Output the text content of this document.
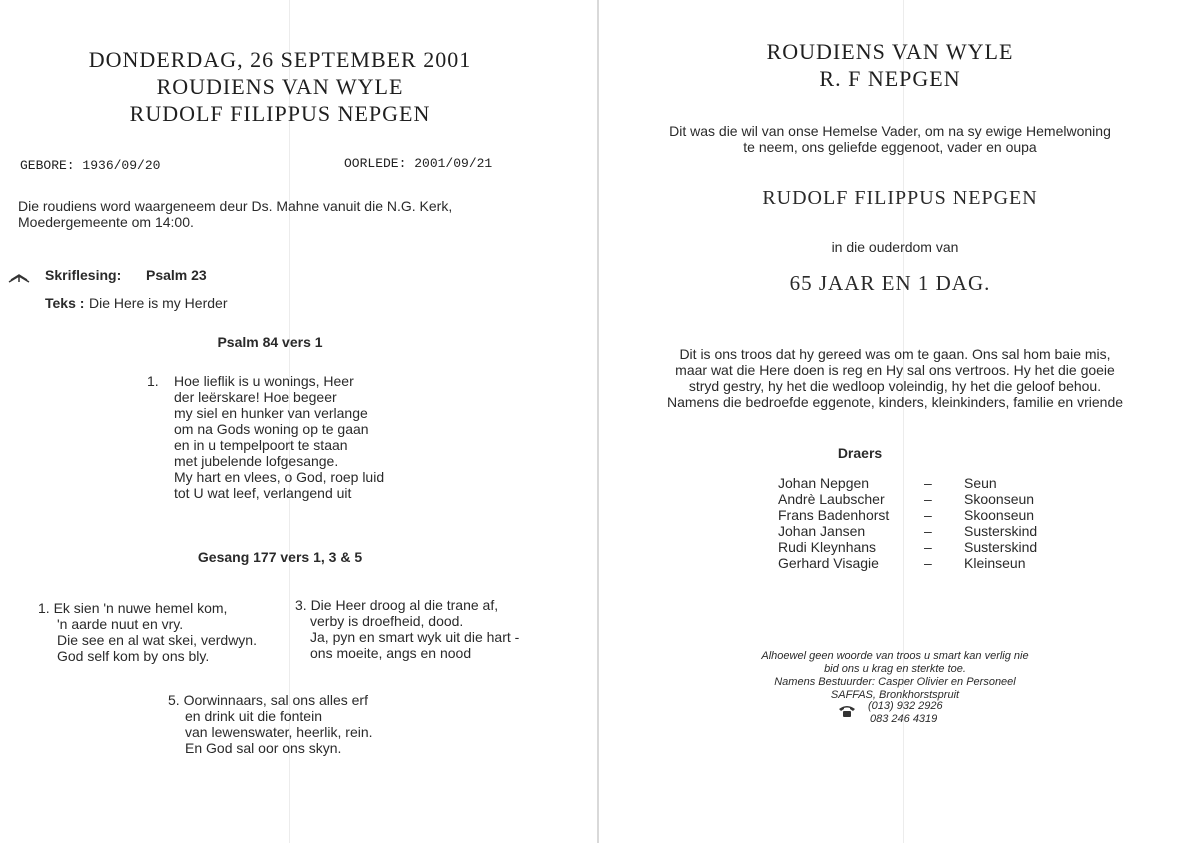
DONDERDAG, 26 SEPTEMBER 2001
ROUDIENS VAN WYLE
RUDOLF FILIPPUS NEPGEN
GEBORE: 1936/09/20	OORLEDE: 2001/09/21
Die roudiens word waargeneem deur Ds. Mahne vanuit die N.G. Kerk,
Moedergemeente om 14:00.
Skriflesing: Psalm 23
Teks : Die Here is my Herder
Psalm 84 vers 1
1. Hoe lieflik is u wonings, Heer
der leërskare! Hoe begeer
my siel en hunker van verlange
om na Gods woning op te gaan
en in u tempelpoort te staan
met jubelende lofgesange.
My hart en vlees, o God, roep luid
tot U wat leef, verlangend uit
Gesang 177 vers 1, 3 & 5
1. Ek sien 'n nuwe hemel kom,
'n aarde nuut en vry.
Die see en al wat skei, verdwyn.
God self kom by ons bly.
3. Die Heer droog al die trane af,
verby is droefheid, dood.
Ja, pyn en smart wyk uit die hart -
ons moeite, angs en nood
5. Oorwinnaars, sal ons alles erf
en drink uit die fontein
van lewenswater, heerlik, rein.
En God sal oor ons skyn.
ROUDIENS VAN WYLE
R. F NEPGEN
Dit was die wil van onse Hemelse Vader, om na sy ewige Hemelwoning
te neem, ons geliefde eggenoot, vader en oupa
RUDOLF FILIPPUS NEPGEN
in die ouderdom van
65 JAAR EN 1 DAG.
Dit is ons troos dat hy gereed was om te gaan. Ons sal hom baie mis,
maar wat die Here doen is reg en Hy sal ons vertroos. Hy het die goeie
stryd gestry, hy het die wedloop voleindig, hy het die geloof behou.
Namens die bedroefde eggenote, kinders, kleinkinders, familie en vriende
Draers
Johan Nepgen	–	Seun
Andrè Laubscher	–	Skoonseun
Frans Badenhorst	–	Skoonseun
Johan Jansen	–	Susterskind
Rudi Kleynhans	–	Susterskind
Gerhard Visagie	–	Kleinseun
Alhoewel geen woorde van troos u smart kan verlig nie
bid ons u krag en sterkte toe.
Namens Bestuurder: Casper Olivier en Personeel
SAFFAS, Bronkhorstspruit
(013) 932 2926
083 246 4319
